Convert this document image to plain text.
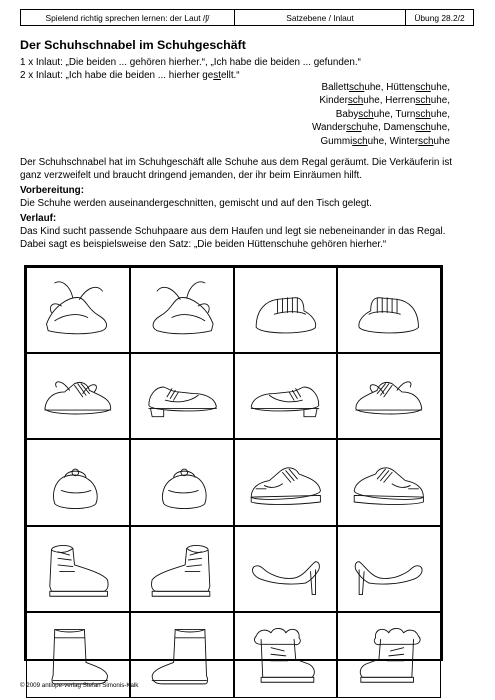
Spielend richtig sprechen lernen: der Laut /ʃ/	Satzebene / Inlaut	Übung 28.2/2
Der Schuhschnabel im Schuhgeschäft
1 x Inlaut: „Die beiden ... gehören hierher.“, „Ich habe die beiden ... gefunden.“
2 x Inlaut: „Ich habe die beiden ... hierher gestellt.“
Ballettschuhe, Hüttenschuhe,
Kinderschuhe, Herrenschuhe,
Babyschuhe, Turnschuhe,
Wanderschuhe, Damenschuhe,
Gummischuhe, Winterschuhe
Der Schuhschnabel hat im Schuhgeschäft alle Schuhe aus dem Regal geräumt. Die Verkäuferin ist ganz verzweifelt und braucht dringend jemanden, der ihr beim Einräumen hilft.
Vorbereitung:
Die Schuhe werden auseinandergeschnitten, gemischt und auf den Tisch gelegt.
Verlauf:
Das Kind sucht passende Schuhpaare aus dem Haufen und legt sie nebeneinander in das Regal. Dabei sagt es beispielsweise den Satz: „Die beiden Hüttenschuhe gehören hierher.“
© 2009 antiope-verlag Stefan Simonis-Kalk
